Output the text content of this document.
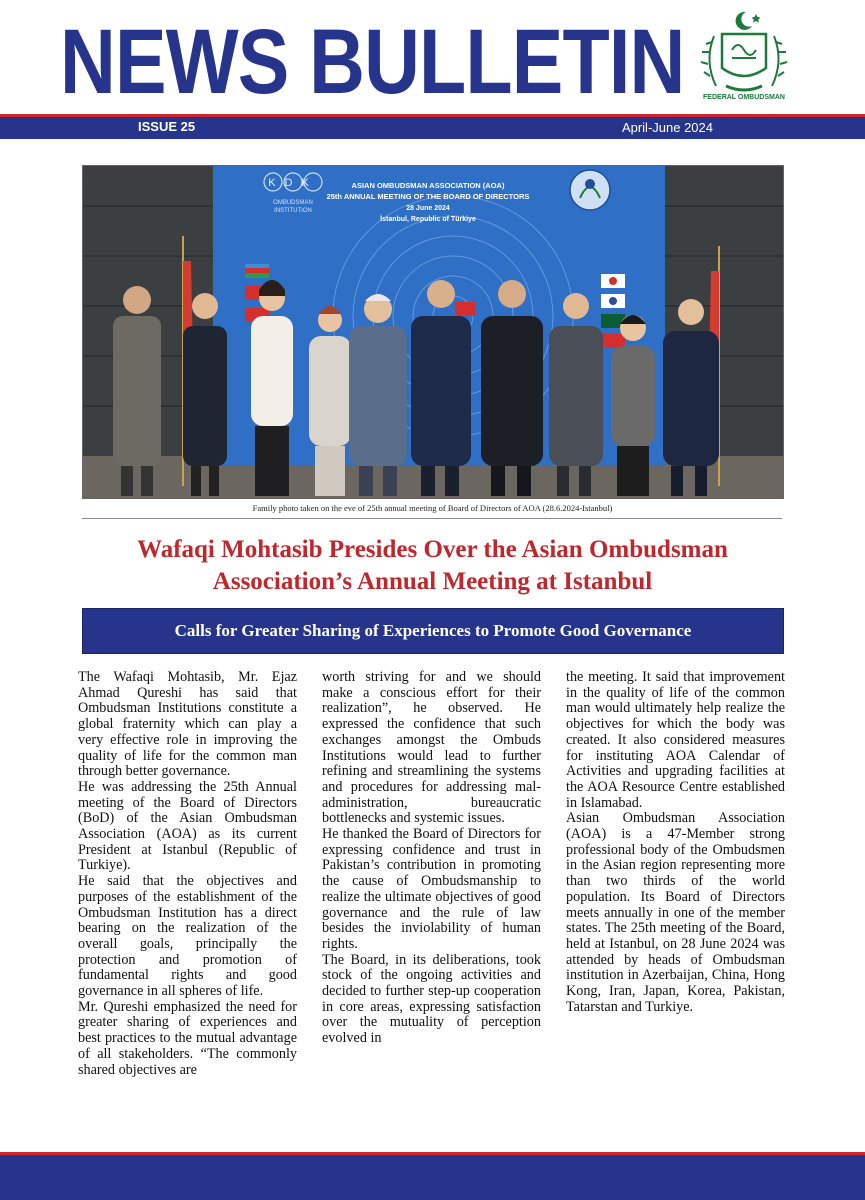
NEWS BULLETIN	FEDERAL OMBUDSMAN
ISSUE 25	April-June 2024
KDK
OMBUDSMAN
INSTITUTION
ASIAN OMBUDSMAN ASSOCIATION (AOA)
25th ANNUAL MEETING OF THE BOARD OF DIRECTORS
28 June 2024
İstanbul, Republic of Türkiye
Family photo taken on the eve of 25th annual meeting of Board of Directors of AOA (28.6.2024-Istanbul)
Wafaqi Mohtasib Presides Over the Asian Ombudsman
Association’s Annual Meeting at Istanbul
Calls for Greater Sharing of Experiences to Promote Good Governance

The Wafaqi Mohtasib, Mr. Ejaz Ahmad Qureshi has said that Ombudsman Institutions constitute a global fraternity which can play a very effective role in improving the quality of life for the common man through better governance.

He was addressing the 25th Annual meeting of the Board of Directors (BoD) of the Asian Ombudsman Association (AOA) as its current President at Istanbul (Republic of Turkiye).

He said that the objectives and purposes of the establishment of the Ombudsman Institution has a direct bearing on the realization of the overall goals, principally the protection and promotion of fundamental rights and good governance in all spheres of life.

Mr. Qureshi emphasized the need for greater sharing of experiences and best practices to the mutual advantage of all stakeholders. “The commonly shared objectives are

worth striving for and we should make a conscious effort for their realization”, he observed. He expressed the confidence that such exchanges amongst the Ombuds Institutions would lead to further refining and streamlining the systems and procedures for addressing mal-administration, bureaucratic bottlenecks and systemic issues.

He thanked the Board of Directors for expressing confidence and trust in Pakistan’s contribution in promoting the cause of Ombudsmanship to realize the ultimate objectives of good governance and the rule of law besides the inviolability of human rights.

The Board, in its deliberations, took stock of the ongoing activities and decided to further step-up cooperation in core areas, expressing satisfaction over the mutuality of perception evolved in

the meeting. It said that improvement in the quality of life of the common man would ultimately help realize the objectives for which the body was created. It also considered measures for instituting AOA Calendar of Activities and upgrading facilities at the AOA Resource Centre established in Islamabad.

Asian Ombudsman Association (AOA) is a 47-Member strong professional body of the Ombudsmen in the Asian region representing more than two thirds of the world population. Its Board of Directors meets annually in one of the member states. The 25th meeting of the Board, held at Istanbul, on 28 June 2024 was attended by heads of Ombudsman institution in Azerbaijan, China, Hong Kong, Iran, Japan, Korea, Pakistan, Tatarstan and Turkiye.
